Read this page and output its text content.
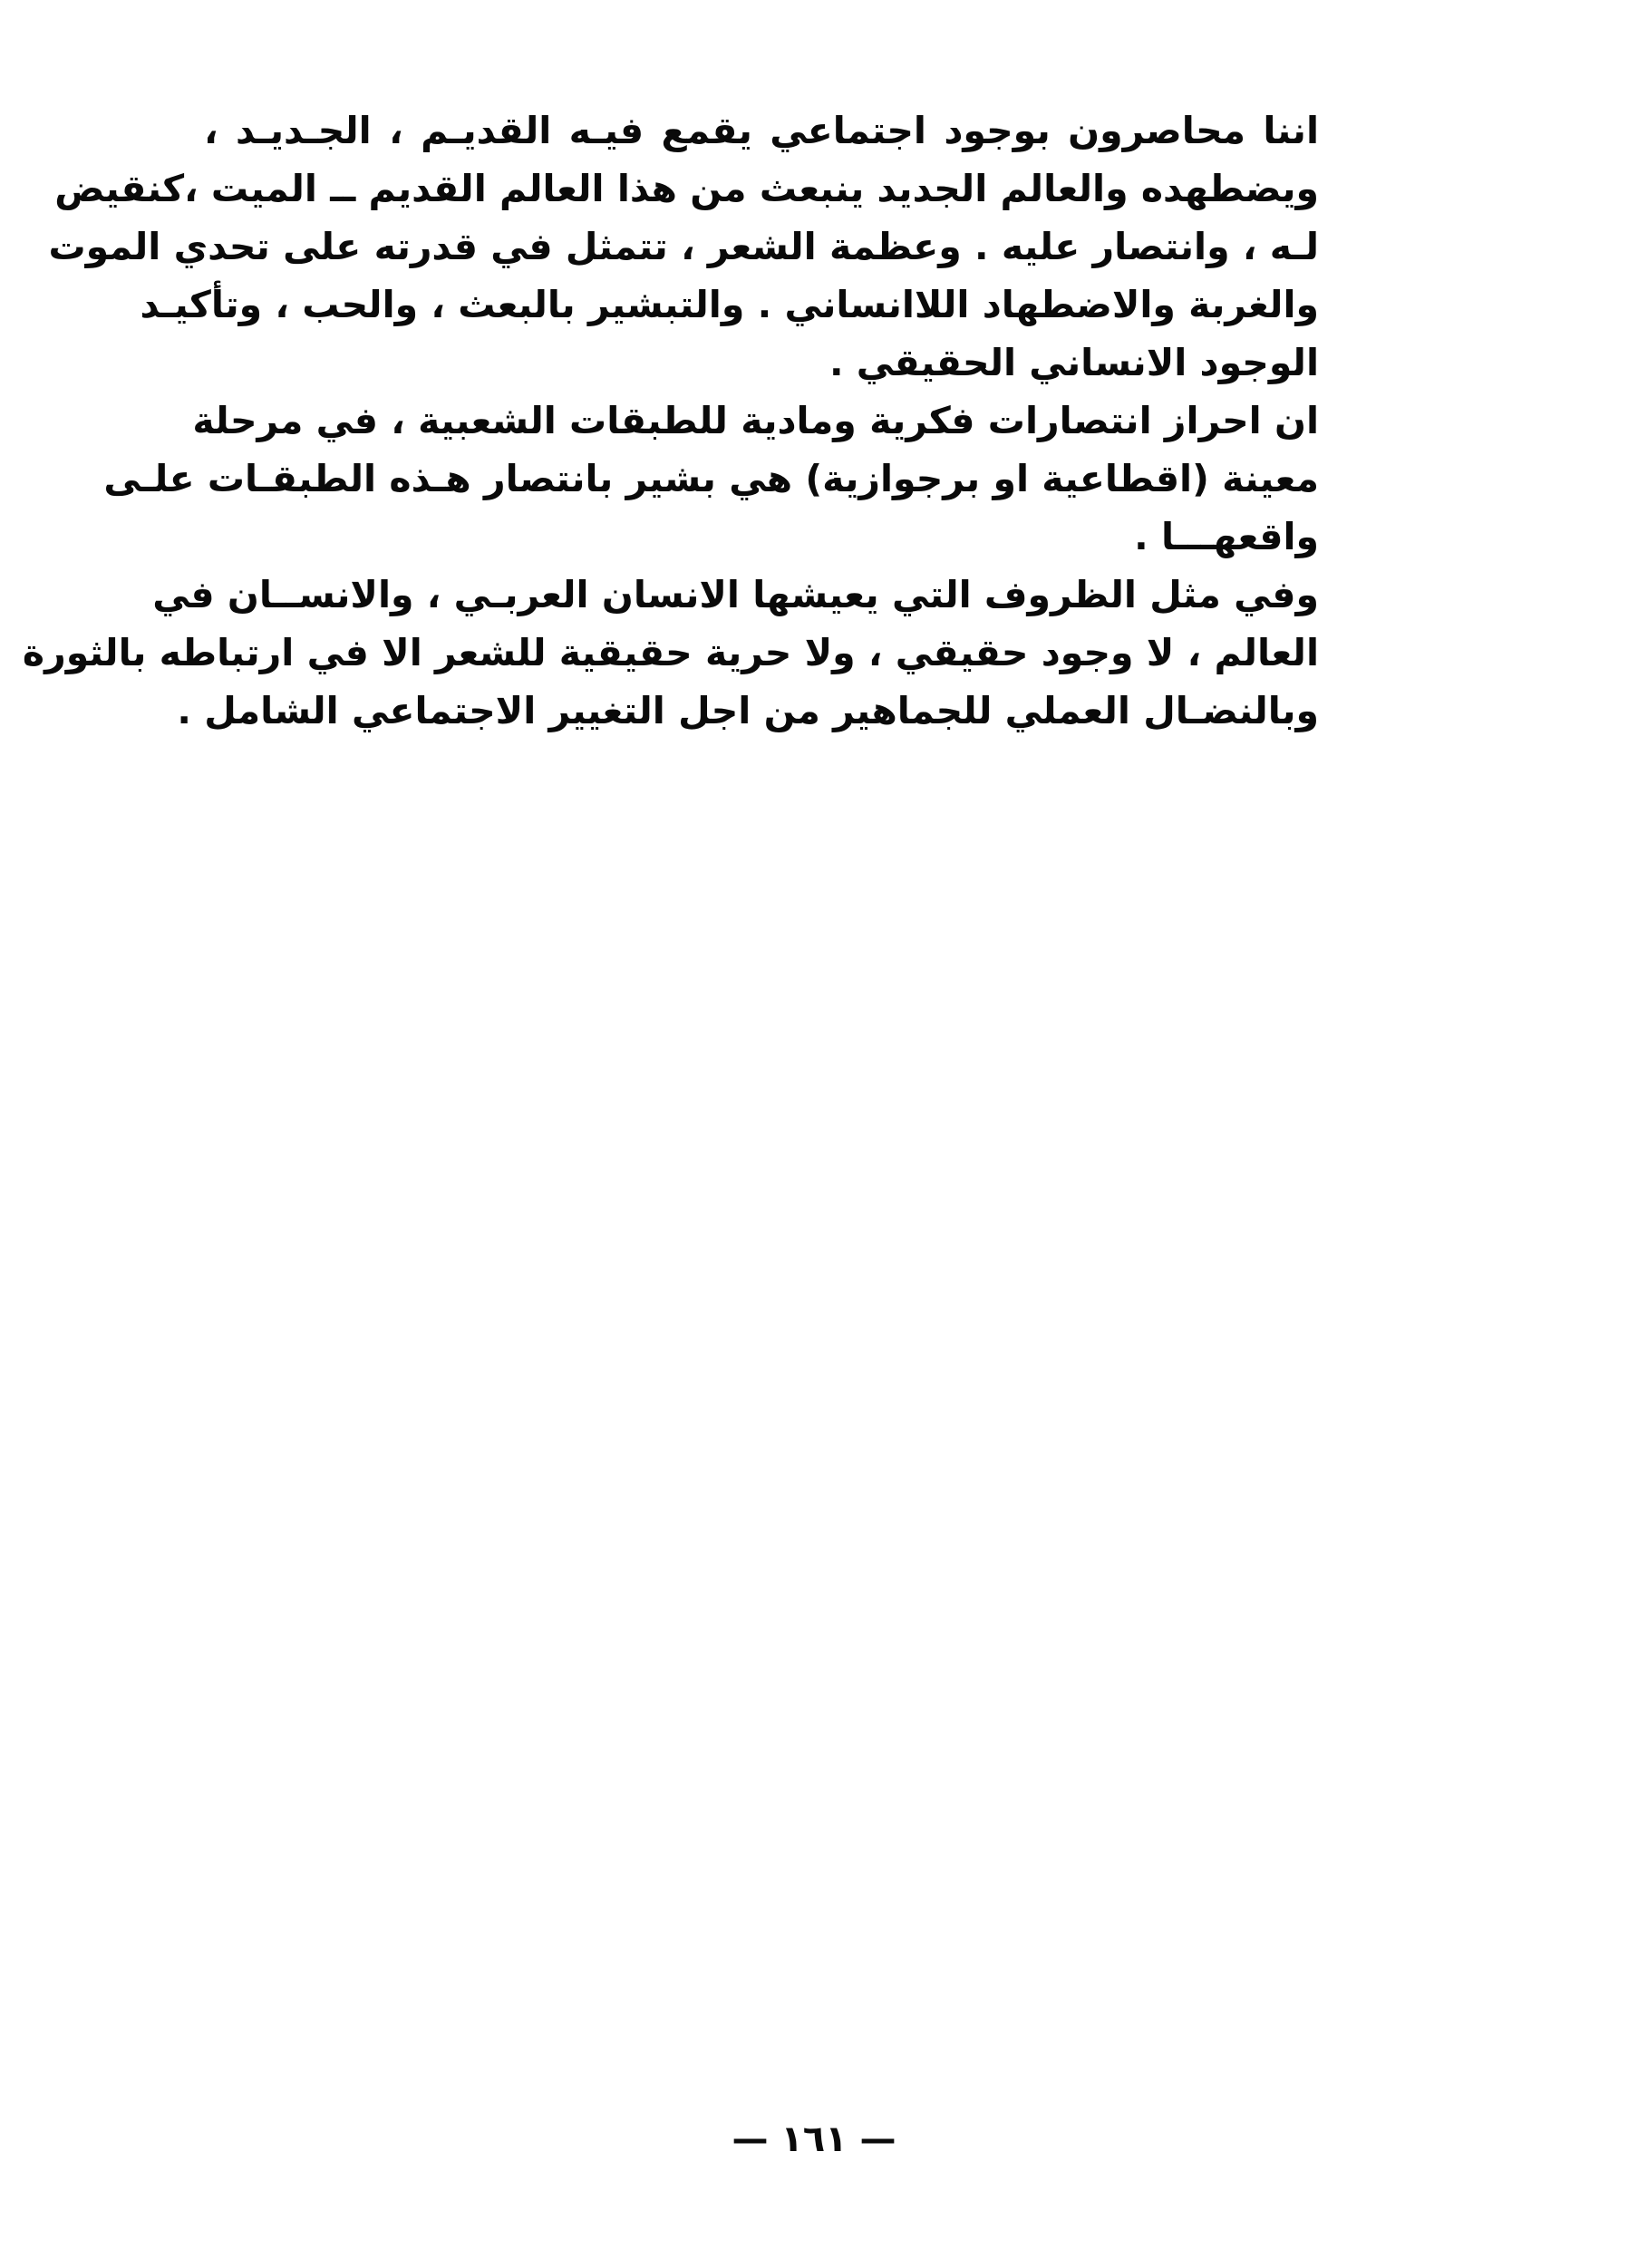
اننا محاصرون بوجود اجتماعي يقمع فيـه القديـم ، الجـديـد ،
ويضطهده والعالم الجديد ينبعث من هذا العالم القديم ــ الميت ،كنقيض
لـه ، وانتصار عليه . وعظمة الشعر ، تتمثل في قدرته على تحدي الموت
والغربة والاضطهاد اللاانساني . والتبشير بالبعث ، والحب ، وتأكيـد
الوجود الانساني الحقيقي .

ان احراز انتصارات فكرية ومادية للطبقات الشعبية ، في مرحلة
معينة (اقطاعية او برجوازية) هي بشير بانتصار هـذه الطبقـات علـى
واقعهـــا .

وفي مثل الظروف التي يعيشها الانسان العربـي ، والانســان في
العالم ، لا وجود حقيقي ، ولا حرية حقيقية للشعر الا في ارتباطه بالثورة
وبالنضـال العملي للجماهير من اجل التغيير الاجتماعي الشامل .

— ١٦١ —
